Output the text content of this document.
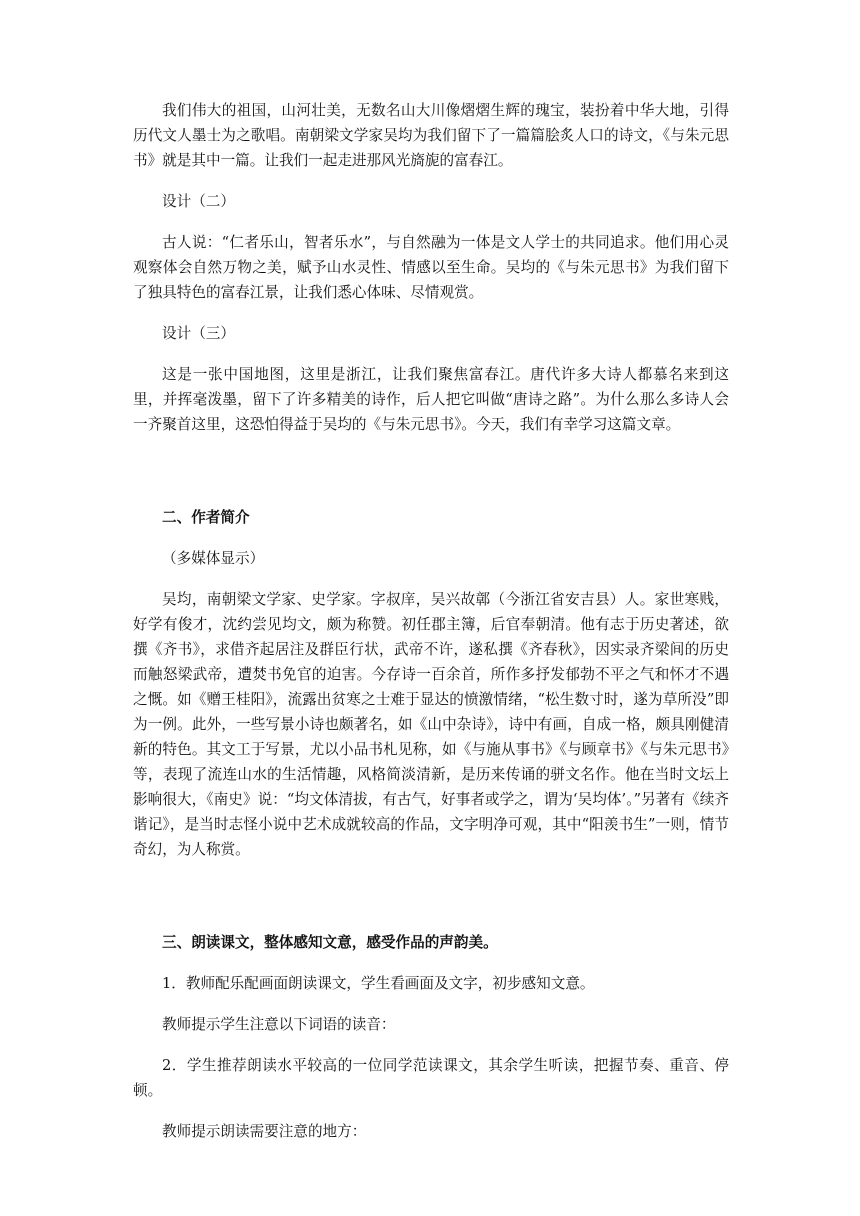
我们伟大的祖国，山河壮美，无数名山大川像熠熠生辉的瑰宝，装扮着中华大地，引得历代文人墨士为之歌唱。南朝梁文学家吴均为我们留下了一篇篇脍炙人口的诗文，《与朱元思书》就是其中一篇。让我们一起走进那风光旖旎的富春江。

设计（二）

古人说：“仁者乐山，智者乐水”，与自然融为一体是文人学士的共同追求。他们用心灵观察体会自然万物之美，赋予山水灵性、情感以至生命。吴均的《与朱元思书》为我们留下了独具特色的富春江景，让我们悉心体味、尽情观赏。

设计（三）

这是一张中国地图，这里是浙江，让我们聚焦富春江。唐代许多大诗人都慕名来到这里，并挥毫泼墨，留下了许多精美的诗作，后人把它叫做“唐诗之路”。为什么那么多诗人会一齐聚首这里，这恐怕得益于吴均的《与朱元思书》。今天，我们有幸学习这篇文章。

二、作者简介

（多媒体显示）

吴均，南朝梁文学家、史学家。字叔庠，吴兴故鄣（今浙江省安吉县）人。家世寒贱，好学有俊才，沈约尝见均文，颇为称赞。初任郡主簿，后官奉朝清。他有志于历史著述，欲撰《齐书》，求借齐起居注及群臣行状，武帝不许，遂私撰《齐春秋》，因实录齐梁间的历史而触怒梁武帝，遭焚书免官的迫害。今存诗一百余首，所作多抒发郁勃不平之气和怀才不遇之慨。如《赠王桂阳》，流露出贫寒之士难于显达的愤激情绪，“松生数寸时，遂为草所没”即为一例。此外，一些写景小诗也颇著名，如《山中杂诗》，诗中有画，自成一格，颇具刚健清新的特色。其文工于写景，尤以小品书札见称，如《与施从事书》《与顾章书》《与朱元思书》等，表现了流连山水的生活情趣，风格简淡清新，是历来传诵的骈文名作。他在当时文坛上影响很大，《南史》说：“均文体清拔，有古气，好事者或学之，谓为‘吴均体’。”另著有《续齐谐记》，是当时志怪小说中艺术成就较高的作品，文字明净可观，其中“阳羡书生”一则，情节奇幻，为人称赏。

三、朗读课文，整体感知文意，感受作品的声韵美。

1．教师配乐配画面朗读课文，学生看画面及文字，初步感知文意。

教师提示学生注意以下词语的读音：

2．学生推荐朗读水平较高的一位同学范读课文，其余学生听读，把握节奏、重音、停顿。

教师提示朗读需要注意的地方：
